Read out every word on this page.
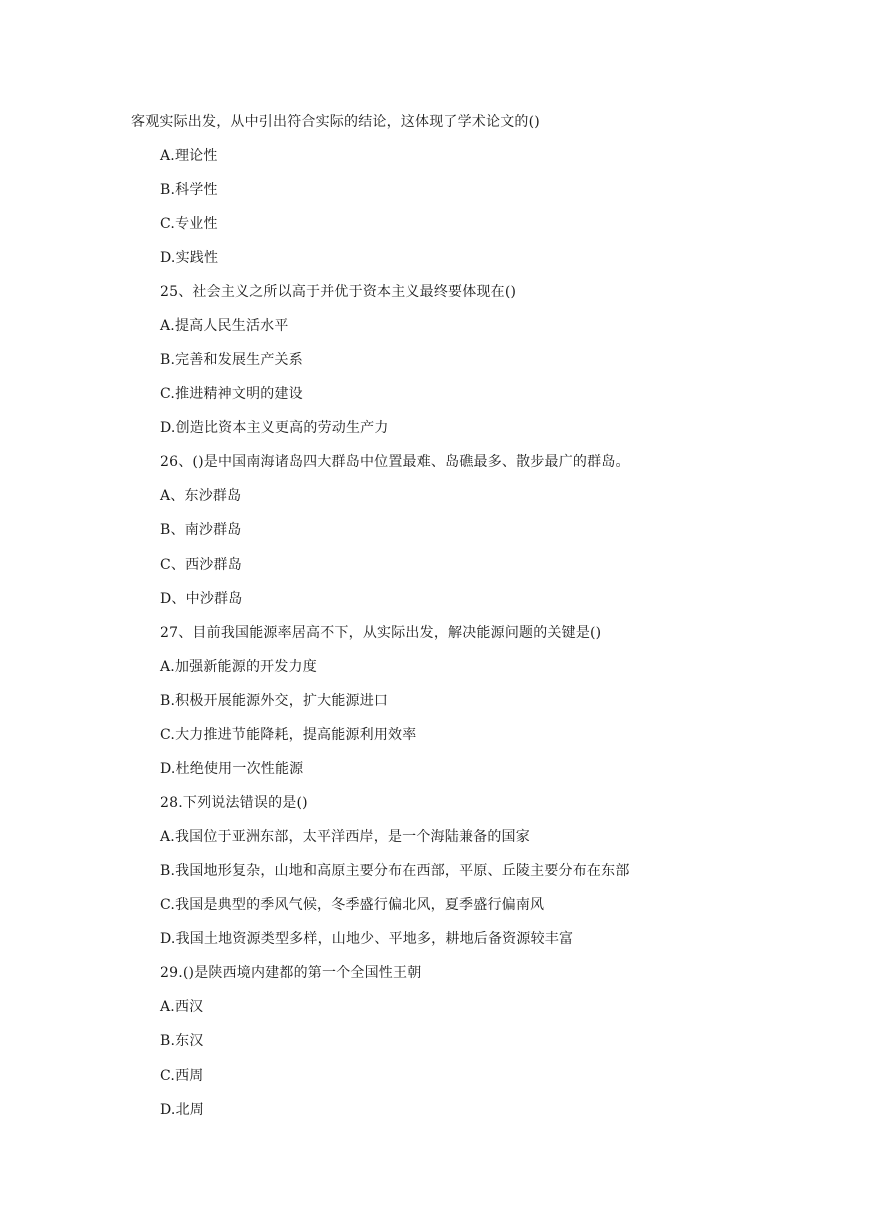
客观实际出发，从中引出符合实际的结论，这体现了学术论文的()
A.理论性
B.科学性
C.专业性
D.实践性
25、社会主义之所以高于并优于资本主义最终要体现在()
A.提高人民生活水平
B.完善和发展生产关系
C.推进精神文明的建设
D.创造比资本主义更高的劳动生产力
26、()是中国南海诸岛四大群岛中位置最难、岛礁最多、散步最广的群岛。
A、东沙群岛
B、南沙群岛
C、西沙群岛
D、中沙群岛
27、目前我国能源率居高不下，从实际出发，解决能源问题的关键是()
A.加强新能源的开发力度
B.积极开展能源外交，扩大能源进口
C.大力推进节能降耗，提高能源利用效率
D.杜绝使用一次性能源
28.下列说法错误的是()
A.我国位于亚洲东部，太平洋西岸，是一个海陆兼备的国家
B.我国地形复杂，山地和高原主要分布在西部，平原、丘陵主要分布在东部
C.我国是典型的季风气候，冬季盛行偏北风，夏季盛行偏南风
D.我国土地资源类型多样，山地少、平地多，耕地后备资源较丰富
29.()是陕西境内建都的第一个全国性王朝
A.西汉
B.东汉
C.西周
D.北周
